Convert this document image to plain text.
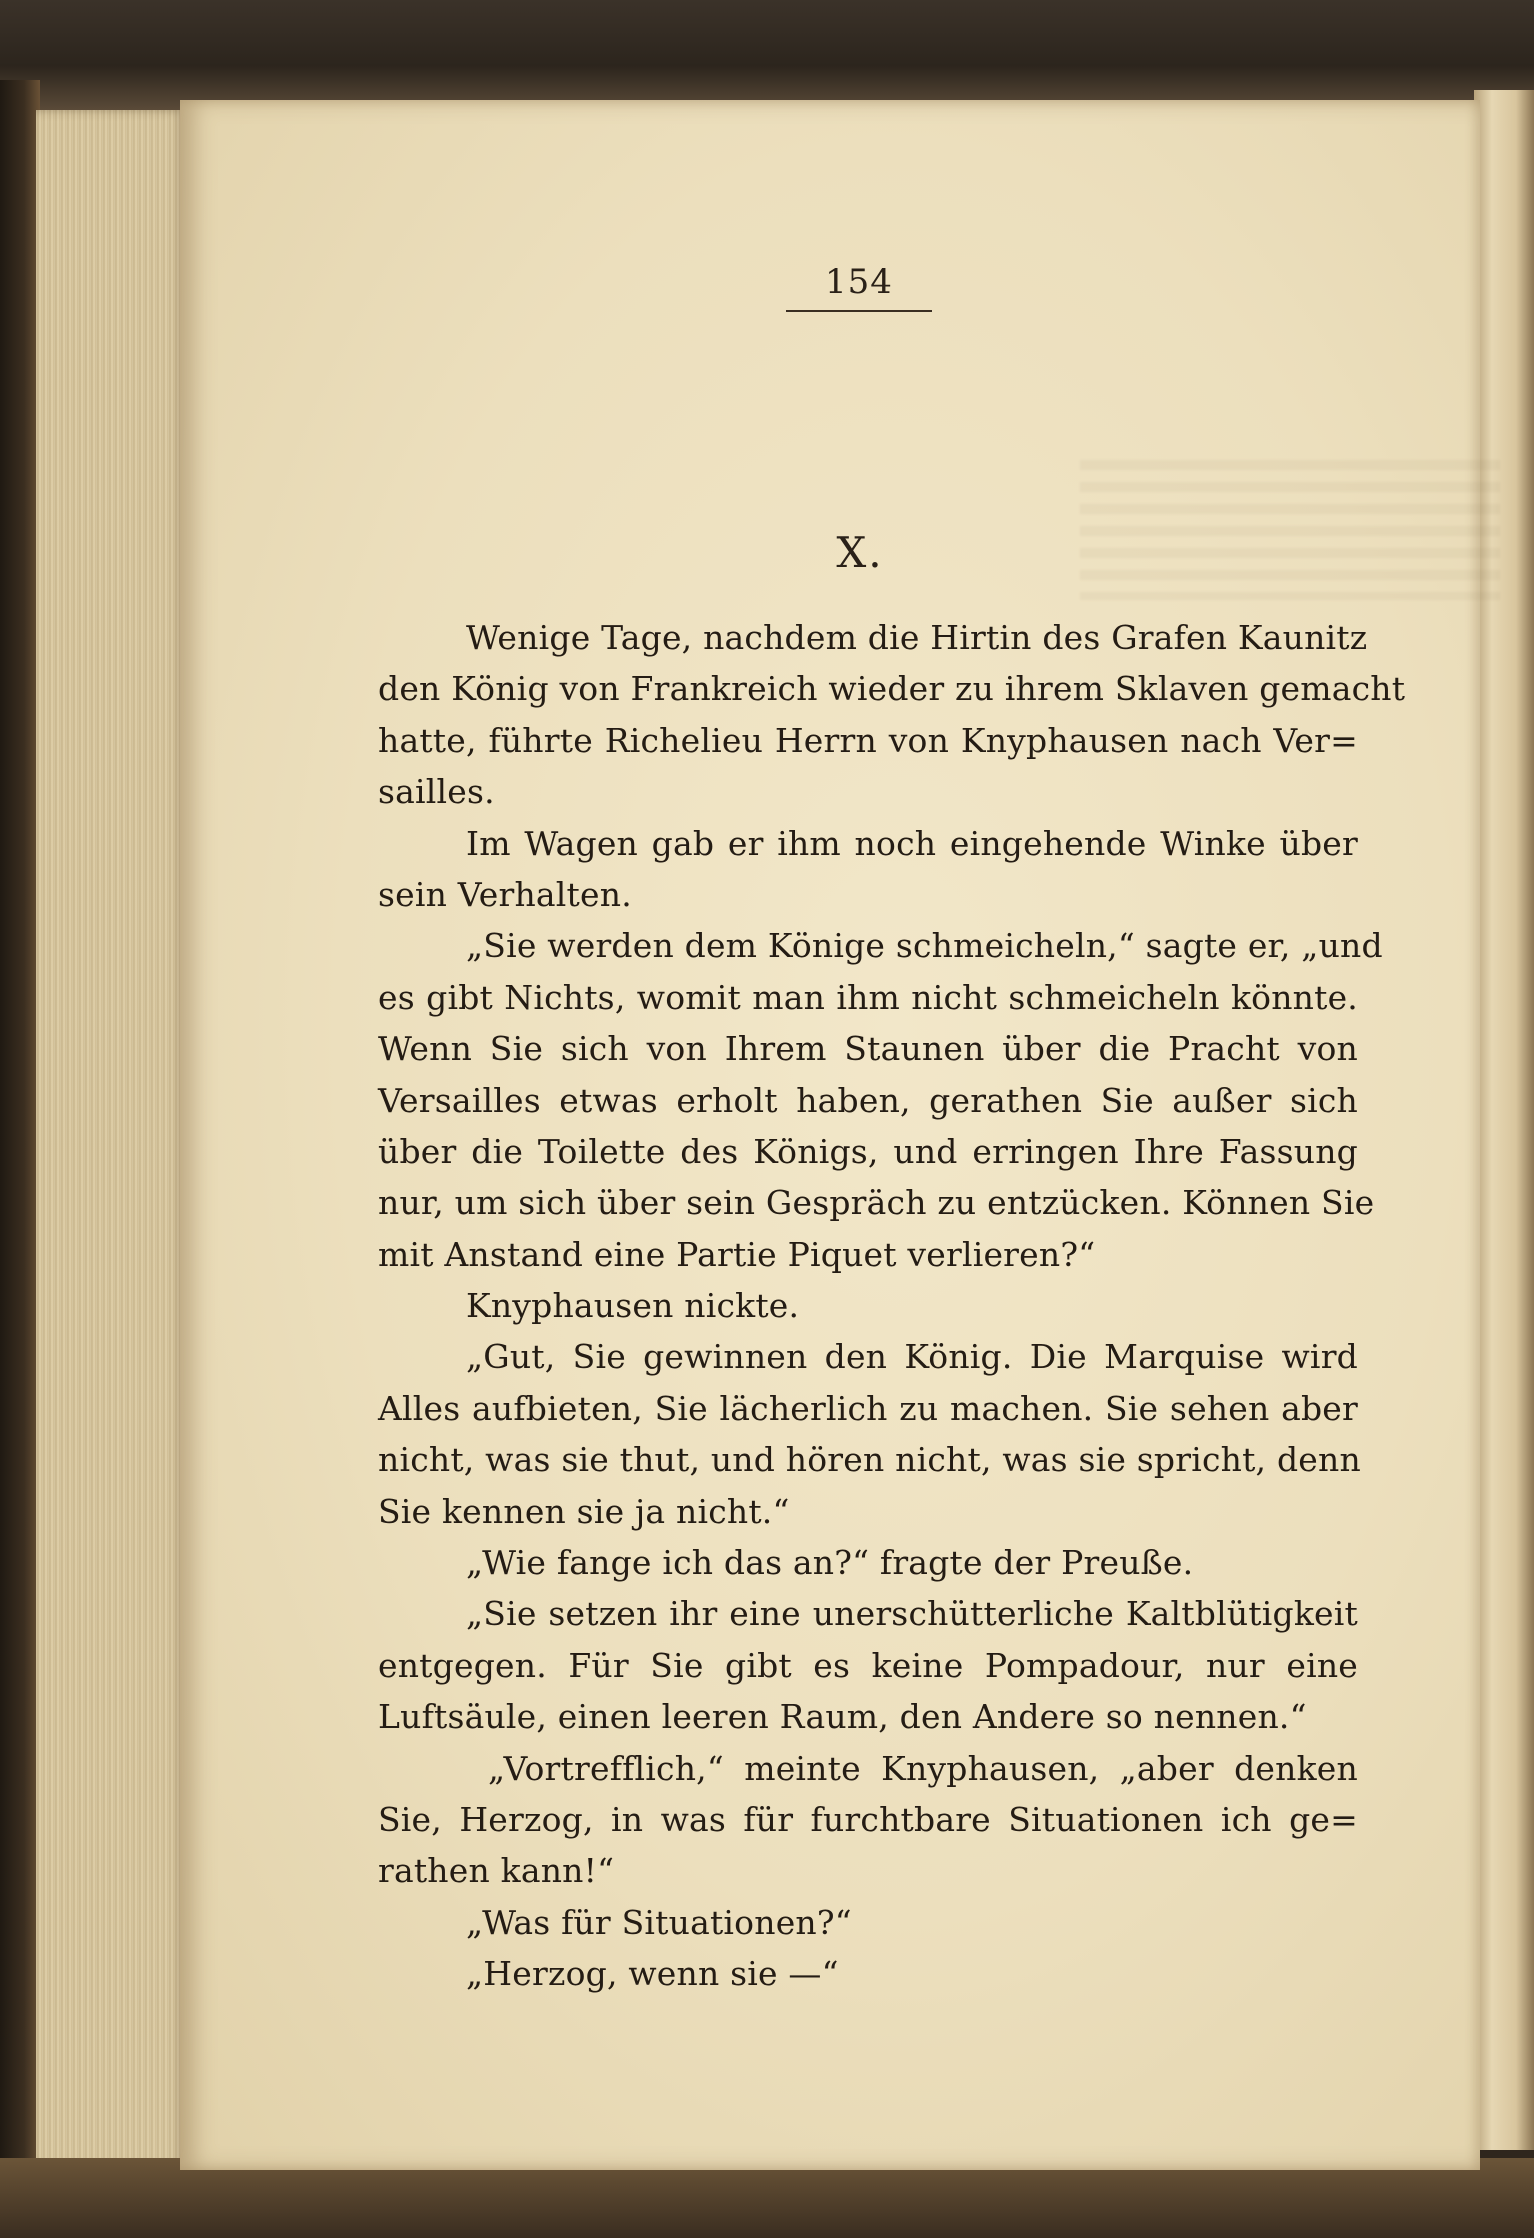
154
X.
Wenige Tage, nachdem die Hirtin des Grafen Kaunitz
den König von Frankreich wieder zu ihrem Sklaven gemacht
hatte, führte Richelieu Herrn von Knyphausen nach Ver=
sailles.
Im Wagen gab er ihm noch eingehende Winke über
sein Verhalten.
„Sie werden dem Könige schmeicheln,“ sagte er, „und
es gibt Nichts, womit man ihm nicht schmeicheln könnte.
Wenn Sie sich von Ihrem Staunen über die Pracht von
Versailles etwas erholt haben, gerathen Sie außer sich
über die Toilette des Königs, und erringen Ihre Fassung
nur, um sich über sein Gespräch zu entzücken. Können Sie
mit Anstand eine Partie Piquet verlieren?“
Knyphausen nickte.
„Gut, Sie gewinnen den König. Die Marquise wird
Alles aufbieten, Sie lächerlich zu machen. Sie sehen aber
nicht, was sie thut, und hören nicht, was sie spricht, denn
Sie kennen sie ja nicht.“
„Wie fange ich das an?“ fragte der Preuße.
„Sie setzen ihr eine unerschütterliche Kaltblütigkeit
entgegen. Für Sie gibt es keine Pompadour, nur eine
Luftsäule, einen leeren Raum, den Andere so nennen.“
„Vortrefflich,“ meinte Knyphausen, „aber denken
Sie, Herzog, in was für furchtbare Situationen ich ge=
rathen kann!“
„Was für Situationen?“
„Herzog, wenn sie —“
